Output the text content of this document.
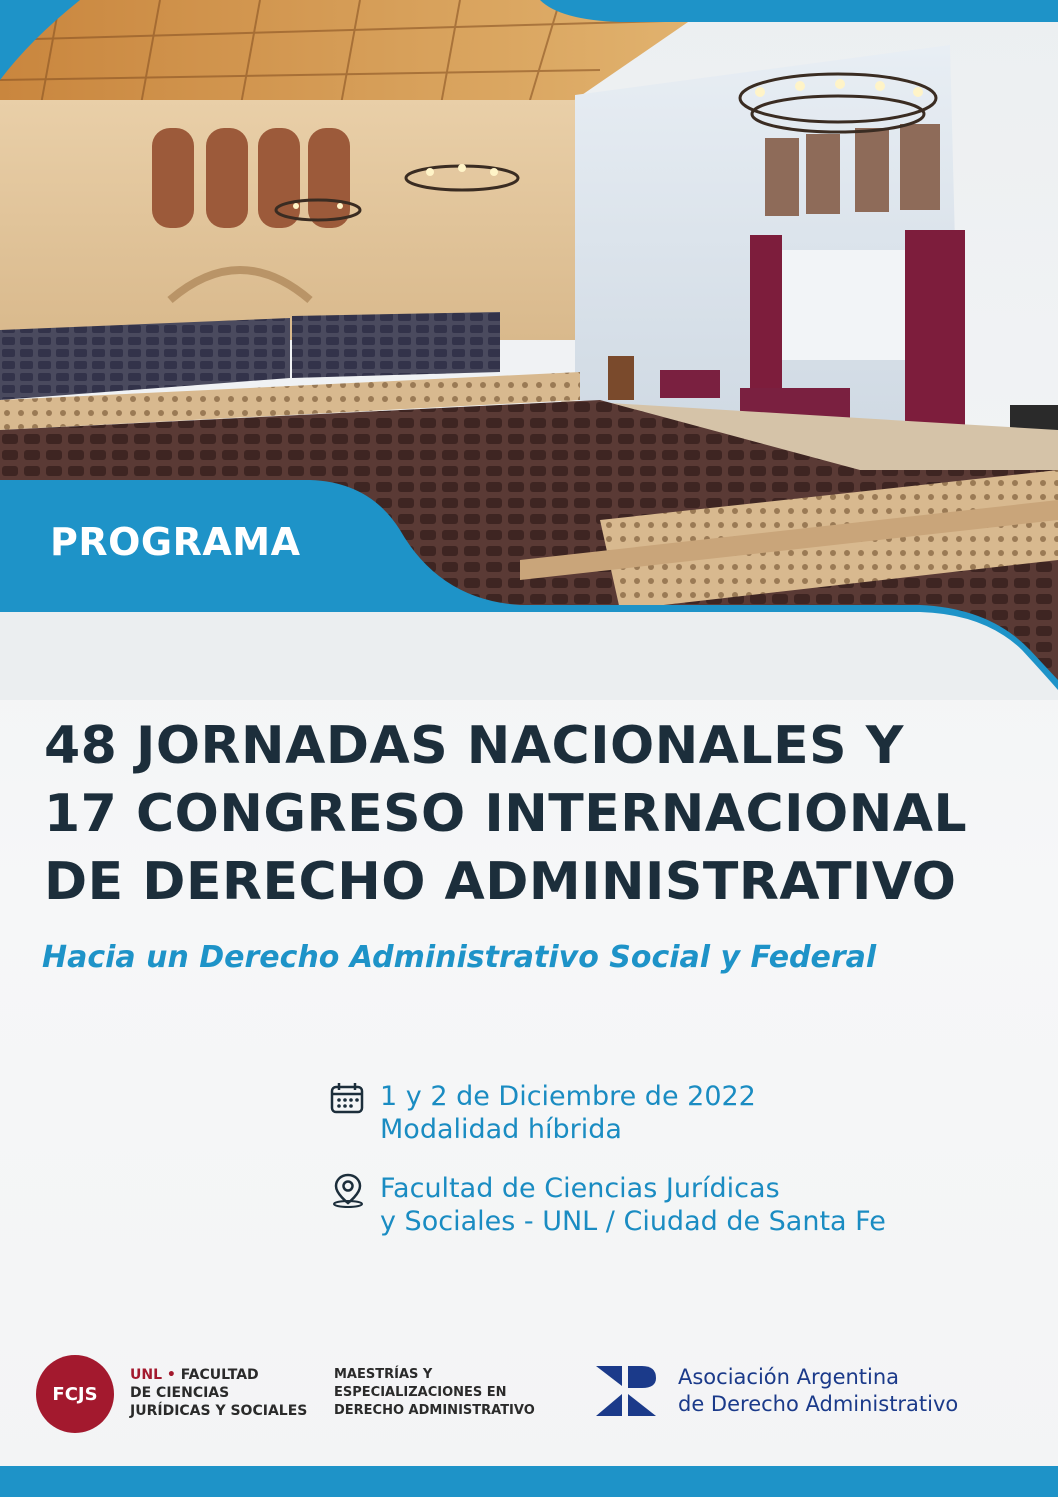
PROGRAMA
48 JORNADAS NACIONALES Y
17 CONGRESO INTERNACIONAL
DE DERECHO ADMINISTRATIVO
Hacia un Derecho Administrativo Social y Federal
1 y 2 de Diciembre de 2022
Modalidad híbrida
Facultad de Ciencias Jurídicas
y Sociales - UNL / Ciudad de Santa Fe
FCJS
UNL • FACULTAD
DE CIENCIAS
JURÍDICAS Y SOCIALES
MAESTRÍAS Y
ESPECIALIZACIONES EN
DERECHO ADMINISTRATIVO
Asociación Argentina
de Derecho Administrativo
